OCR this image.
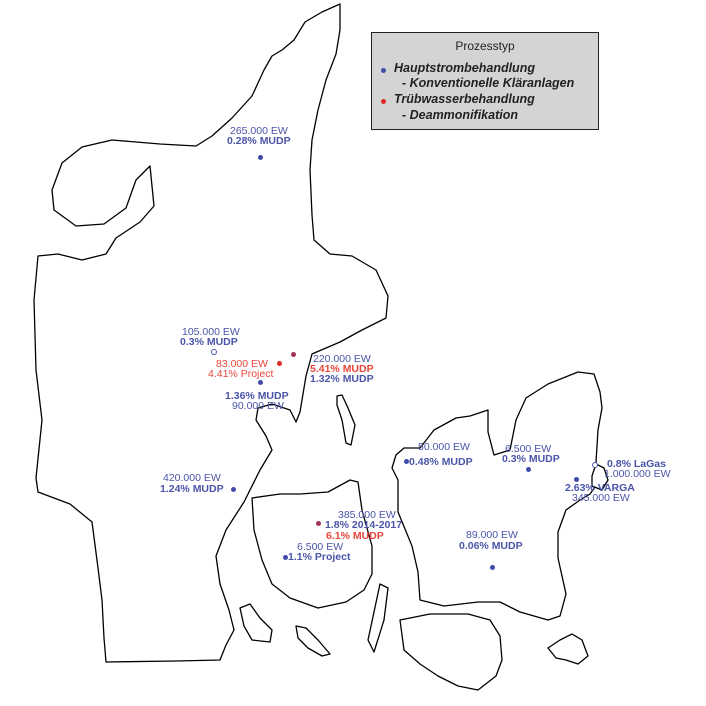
Prozesstyp
Hauptstrombehandlung
- Konventionelle Kläranlagen
Trübwasserbehandlung
- Deammonifikation
265.000 EW
0.28% MUDP
105.000 EW
0.3% MUDP
83.000 EW
4.41% Project
220.000 EW
5.41% MUDP
1.32% MUDP
1.36% MUDP
90.000 EW
420.000 EW
1.24% MUDP
385.000 EW
1.8% 2014-2017
6.1% MUDP
6.500 EW
1.1% Project
50.000 EW
0.48% MUDP
6.500 EW
0.3% MUDP	0.8% LaGas
1.000.000 EW
2.63% VARGA
345.000 EW
89.000 EW
0.06% MUDP
